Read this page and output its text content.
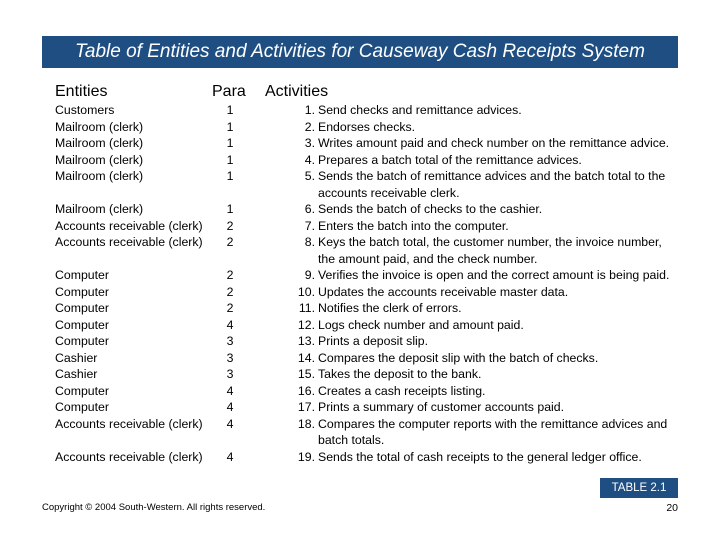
Table of Entities and Activities for Causeway Cash Receipts System
Entities	Para Activities
Customers	1	1. Send checks and remittance advices.
Mailroom (clerk)	1	2. Endorses checks.
Mailroom (clerk)	1	3. Writes amount paid and check number on the remittance advice.
Mailroom (clerk)	1	4. Prepares a batch total of the remittance advices.
Mailroom (clerk)	1	5. Sends the batch of remittance advices and the batch total to the
accounts receivable clerk.
Mailroom (clerk)	1	6. Sends the batch of checks to the cashier.
Accounts receivable (clerk)	2	7. Enters the batch into the computer.
Accounts receivable (clerk)	2	8. Keys the batch total, the customer number, the invoice number,
the amount paid, and the check number.
Computer	2	9. Verifies the invoice is open and the correct amount is being paid.
Computer	2	10. Updates the accounts receivable master data.
Computer	2	11. Notifies the clerk of errors.
Computer	4	12. Logs check number and amount paid.
Computer	3	13. Prints a deposit slip.
Cashier	3	14. Compares the deposit slip with the batch of checks.
Cashier	3	15. Takes the deposit to the bank.
Computer	4	16. Creates a cash receipts listing.
Computer	4	17. Prints a summary of customer accounts paid.
Accounts receivable (clerk)	4	18. Compares the computer reports with the remittance advices and
batch totals.
Accounts receivable (clerk)	4	19. Sends the total of cash receipts to the general ledger office.
TABLE 2.1
Copyright © 2004 South-Western. All rights reserved.	20
